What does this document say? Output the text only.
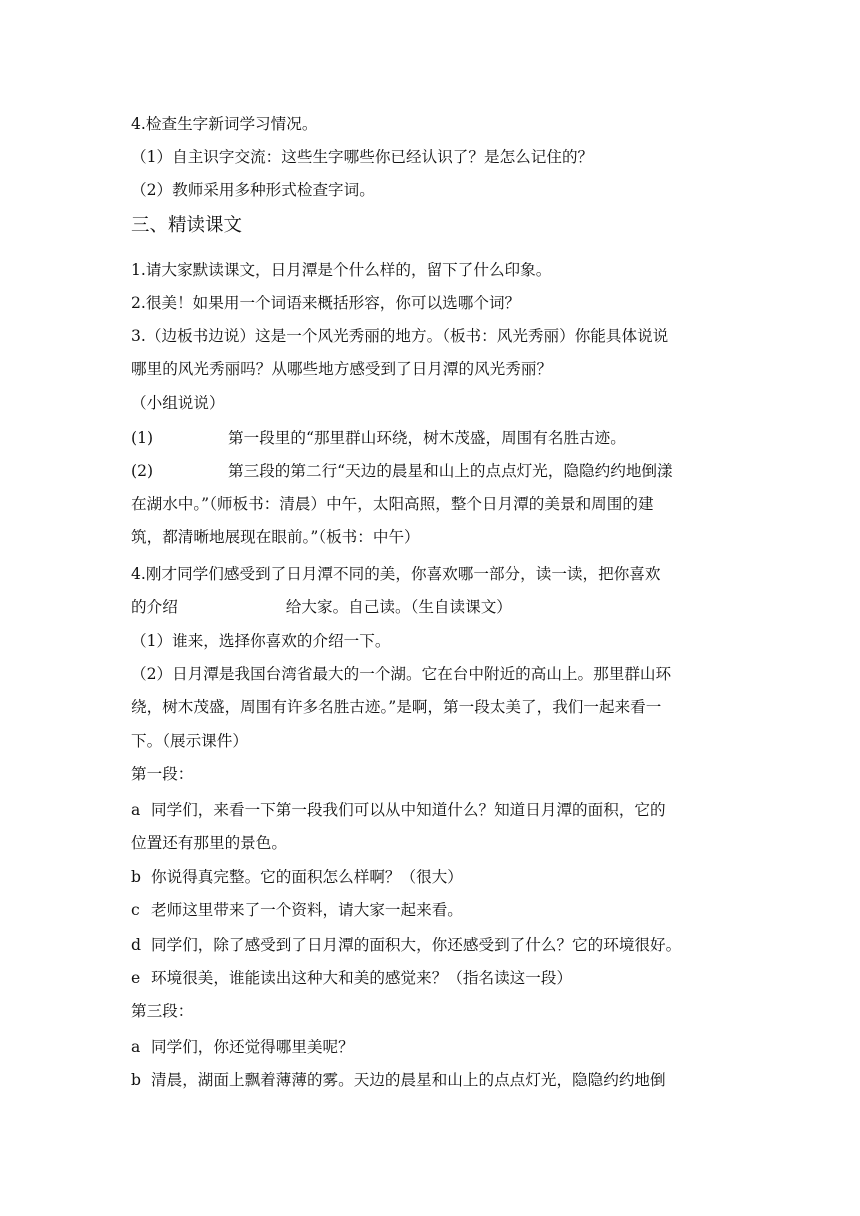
4.检查生字新词学习情况。

（1）自主识字交流：这些生字哪些你已经认识了？是怎么记住的？

（2）教师采用多种形式检查字词。

三、精读课文

1.请大家默读课文，日月潭是个什么样的，留下了什么印象。

2.很美！如果用一个词语来概括形容，你可以选哪个词？

3.（边板书边说）这是一个风光秀丽的地方。（板书：风光秀丽）你能具体说说

哪里的风光秀丽吗？从哪些地方感受到了日月潭的风光秀丽？

（小组说说）

(1)	第一段里的“那里群山环绕，树木茂盛，周围有名胜古迹。

(2)	第三段的第二行“天边的晨星和山上的点点灯光，隐隐约约地倒漾

在湖水中。”（师板书：清晨）中午，太阳高照，整个日月潭的美景和周围的建

筑，都清晰地展现在眼前。”（板书：中午）

4.刚才同学们感受到了日月潭不同的美，你喜欢哪一部分，读一读，把你喜欢

的介绍	给大家。自己读。（生自读课文）

（1）谁来，选择你喜欢的介绍一下。

（2）日月潭是我国台湾省最大的一个湖。它在台中附近的高山上。那里群山环

绕，树木茂盛，周围有许多名胜古迹。”是啊，第一段太美了，我们一起来看一

下。（展示课件）

第一段：

a 同学们，来看一下第一段我们可以从中知道什么？知道日月潭的面积，它的

位置还有那里的景色。

b 你说得真完整。它的面积怎么样啊？（很大）

c 老师这里带来了一个资料，请大家一起来看。

d 同学们，除了感受到了日月潭的面积大，你还感受到了什么？它的环境很好。

e 环境很美，谁能读出这种大和美的感觉来？（指名读这一段）

第三段：

a 同学们，你还觉得哪里美呢？

b 清晨，湖面上飘着薄薄的雾。天边的晨星和山上的点点灯光，隐隐约约地倒
